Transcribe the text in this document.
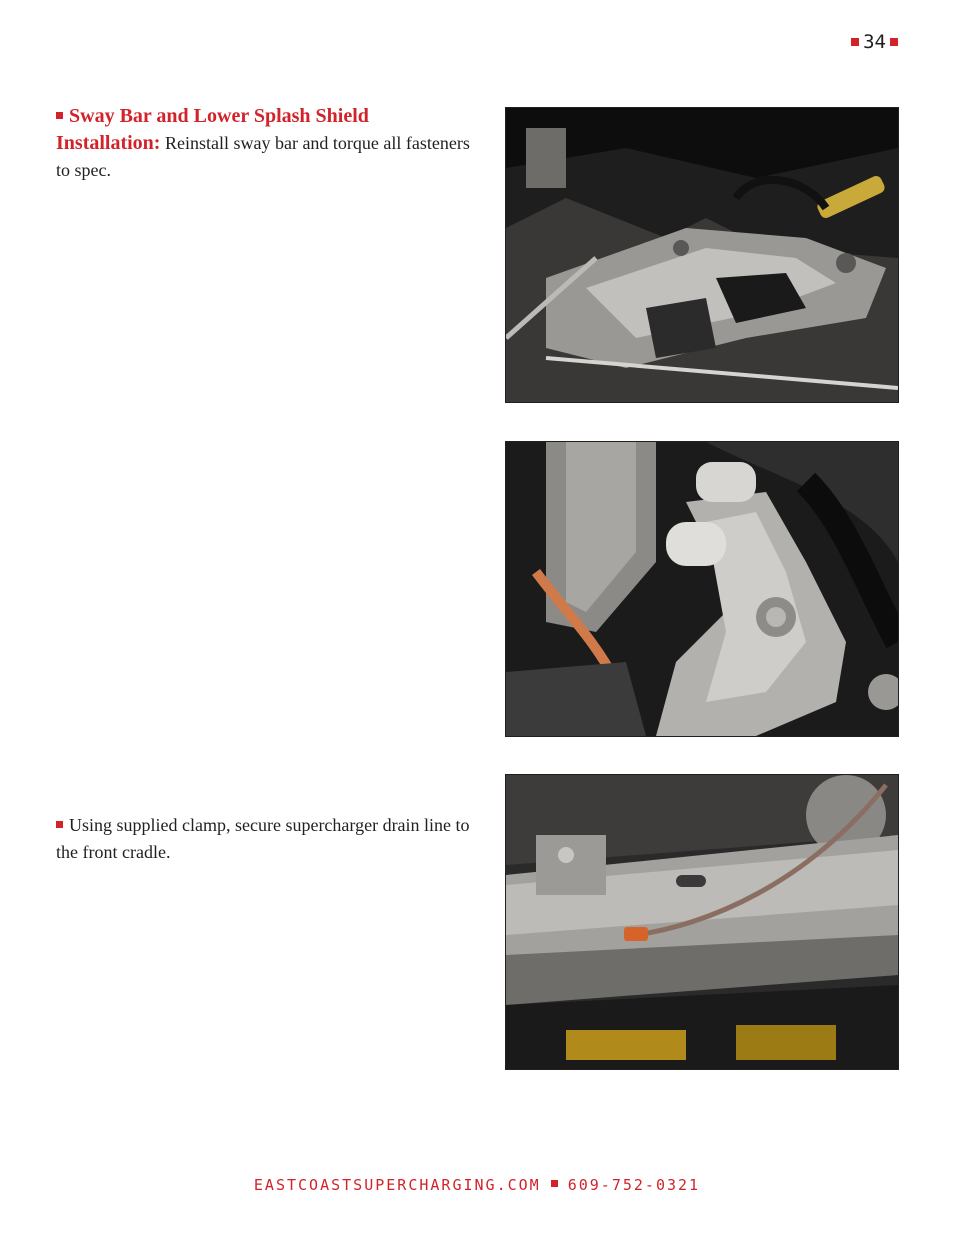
34
Sway Bar and Lower Splash Shield
Installation: Reinstall sway bar and torque all fasteners to spec.
Using supplied clamp, secure supercharger drain line to the front cradle.
EASTCOASTSUPERCHARGING.COM 609-752-0321
